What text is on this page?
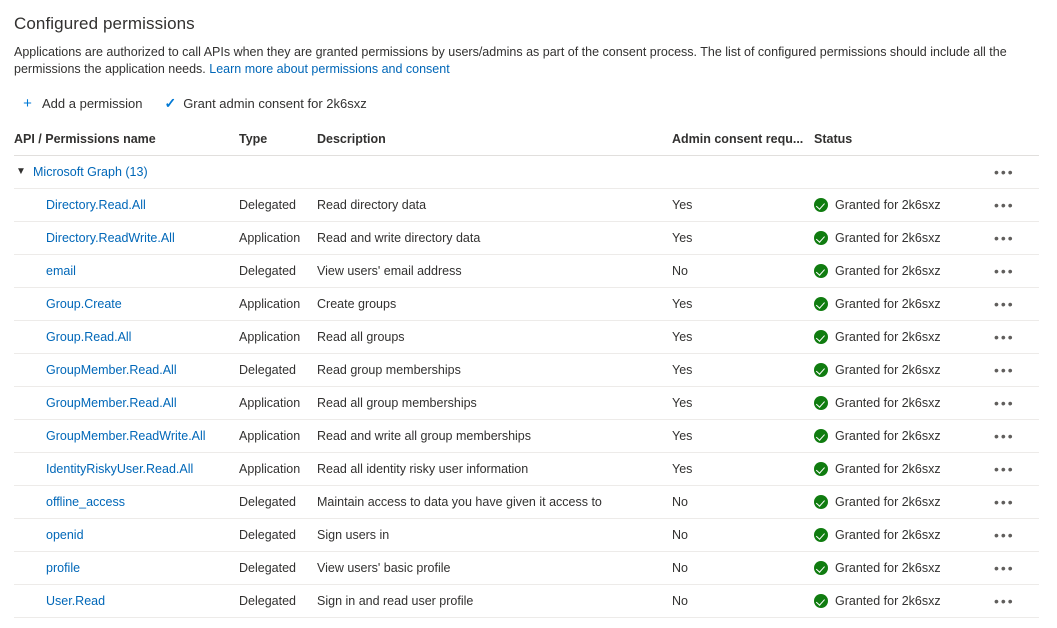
Configured permissions
Applications are authorized to call APIs when they are granted permissions by users/admins as part of the consent process. The list of configured permissions should include all the permissions the application needs. Learn more about permissions and consent
+ Add a permission ✓ Grant admin consent for 2k6sxz
API / Permissions name	Type	Description	Admin consent requ...	Status	

▼ Microsoft Graph (13)					•••
Directory.Read.All	Delegated	Read directory data	Yes	Granted for 2k6sxz	•••
Directory.ReadWrite.All	Application	Read and write directory data	Yes	Granted for 2k6sxz	•••
email	Delegated	View users' email address	No	Granted for 2k6sxz	•••
Group.Create	Application	Create groups	Yes	Granted for 2k6sxz	•••
Group.Read.All	Application	Read all groups	Yes	Granted for 2k6sxz	•••
GroupMember.Read.All	Delegated	Read group memberships	Yes	Granted for 2k6sxz	•••
GroupMember.Read.All	Application	Read all group memberships	Yes	Granted for 2k6sxz	•••
GroupMember.ReadWrite.All	Application	Read and write all group memberships	Yes	Granted for 2k6sxz	•••
IdentityRiskyUser.Read.All	Application	Read all identity risky user information	Yes	Granted for 2k6sxz	•••
offline_access	Delegated	Maintain access to data you have given it access to	No	Granted for 2k6sxz	•••
openid	Delegated	Sign users in	No	Granted for 2k6sxz	•••
profile	Delegated	View users' basic profile	No	Granted for 2k6sxz	•••
User.Read	Delegated	Sign in and read user profile	No	Granted for 2k6sxz	•••
